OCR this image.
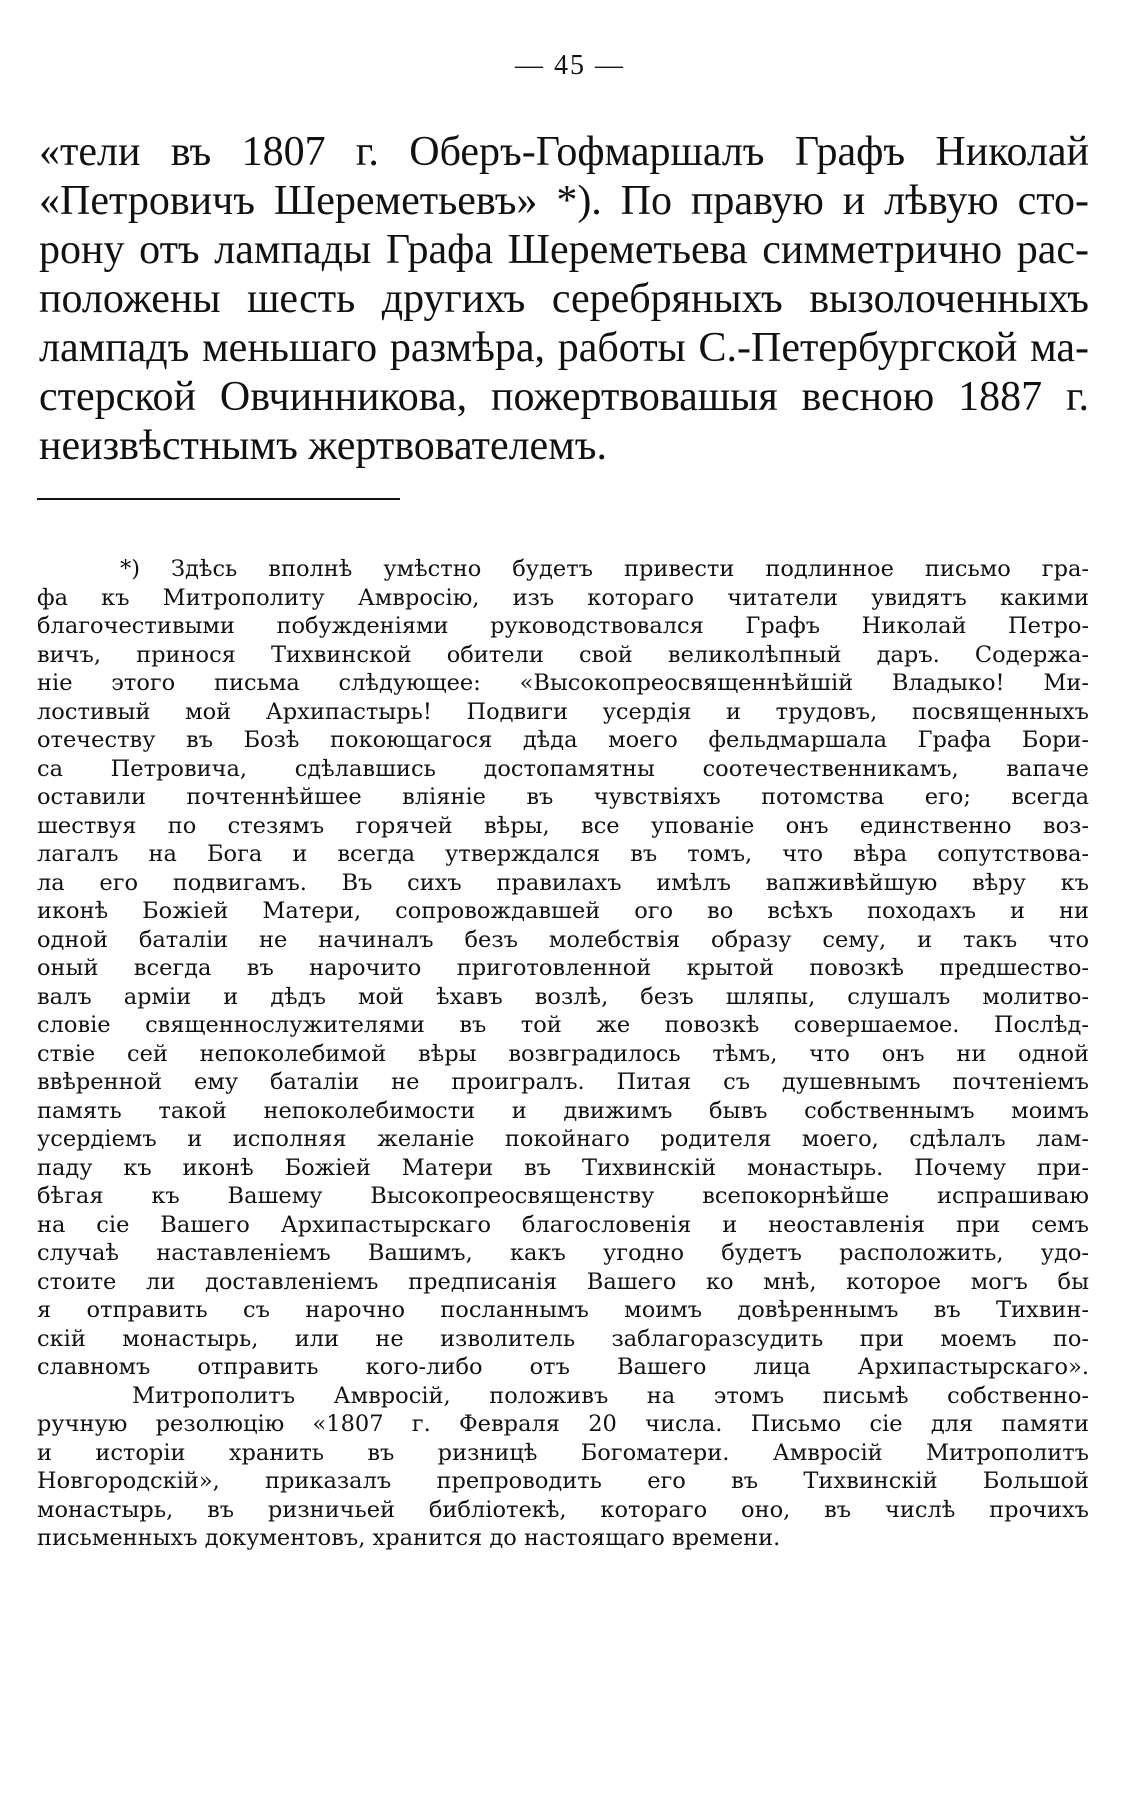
— 45 —
«тели въ 1807 г. Оберъ-Гофмаршалъ Графъ Николай
«Петровичъ Шереметьевъ» *). По правую и лѣвую сто-
рону отъ лампады Графа Шереметьева симметрично рас-
положены шесть другихъ серебряныхъ вызолоченныхъ
лампадъ меньшаго размѣра, работы С.-Петербургской ма-
стерской Овчинникова, пожертвовашыя весною 1887 г.
неизвѣстнымъ жертвователемъ.
*) Здѣсь вполнѣ умѣстно будетъ привести подлинное письмо гра-
фа къ Митрополиту Амвросію, изъ котораго читатели увидятъ какими
благочестивыми побужденіями руководствовался Графъ Николай Петро-
вичъ, принося Тихвинской обители свой великолѣпный даръ. Содержа-
ніе этого письма слѣдующее: «Высокопреосвященнѣйшій Владыко! Ми-
лостивый мой Архипастырь! Подвиги усердія и трудовъ, посвященныхъ
отечеству въ Бозѣ покоющагося дѣда моего фельдмаршала Графа Бори-
са Петровича, сдѣлавшись достопамятны соотечественникамъ, вапаче
оставили почтеннѣйшее вліяніе въ чувствіяхъ потомства его; всегда
шествуя по стезямъ горячей вѣры, все упованіе онъ единственно воз-
лагалъ на Бога и всегда утверждался въ томъ, что вѣра сопутствова-
ла его подвигамъ. Въ сихъ правилахъ имѣлъ вапживѣйшую вѣру къ
иконѣ Божіей Матери, сопровождавшей ого во всѣхъ походахъ и ни
одной баталіи не начиналъ безъ молебствія образу сему, и такъ что
оный всегда въ нарочито приготовленной крытой повозкѣ предшество-
валъ арміи и дѣдъ мой ѣхавъ возлѣ, безъ шляпы, слушалъ молитво-
словіе священнослужителями въ той же повозкѣ совершаемое. Послѣд-
ствіе сей непоколебимой вѣры возвградилось тѣмъ, что онъ ни одной
ввѣренной ему баталіи не проигралъ. Питая съ душевнымъ почтеніемъ
память такой непоколебимости и движимъ бывъ собственнымъ моимъ
усердіемъ и исполняя желаніе покойнаго родителя моего, сдѣлалъ лам-
паду къ иконѣ Божіей Матери въ Тихвинскій монастырь. Почему при-
бѣгая къ Вашему Высокопреосвященству всепокорнѣйше испрашиваю
на сіе Вашего Архипастырскаго благословенія и неоставленія при семъ
случаѣ наставленіемъ Вашимъ, какъ угодно будетъ расположить, удо-
стоите ли доставленіемъ предписанія Вашего ко мнѣ, которое могъ бы
я отправить съ нарочно посланнымъ моимъ довѣреннымъ въ Тихвин-
скій монастырь, или не изволитель заблагоразсудить при моемъ по-
славномъ отправить кого-либо отъ Вашего лица Архипастырскаго».
Митрополитъ Амвросій, положивъ на этомъ письмѣ собственно-
ручную резолюцію «1807 г. Февраля 20 числа. Письмо сіе для памяти
и исторіи хранить въ ризницѣ Богоматери. Амвросій Митрополитъ
Новгородскій», приказалъ препроводить его въ Тихвинскій Большой
монастырь, въ ризничьей библіотекѣ, котораго оно, въ числѣ прочихъ
письменныхъ документовъ, хранится до настоящаго времени.
